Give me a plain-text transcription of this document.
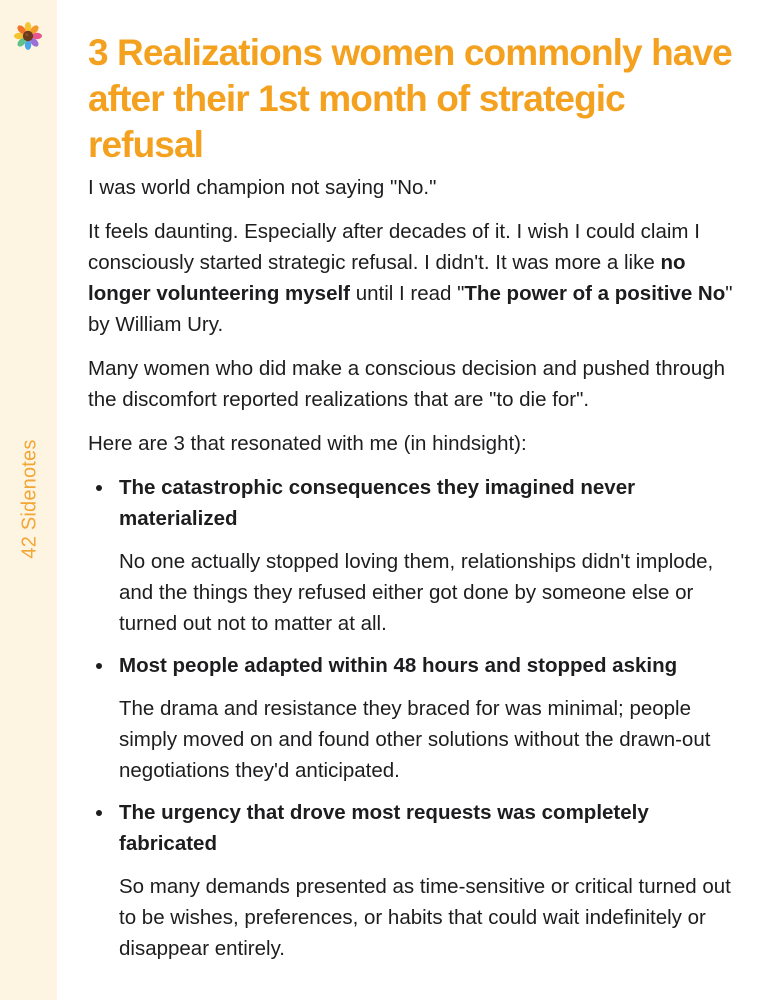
42 Sidenotes
3 Realizations women commonly have after their 1st month of strategic refusal

I was world champion not saying "No."

It feels daunting. Especially after decades of it. I wish I could claim I consciously started strategic refusal. I didn't. It was more a like no longer volunteering myself until I read "The power of a positive No" by William Ury.

Many women who did make a conscious decision and pushed through the discomfort reported realizations that are "to die for".

Here are 3 that resonated with me (in hindsight):

The catastrophic consequences they imagined never materialized

No one actually stopped loving them, relationships didn't implode, and the things they refused either got done by someone else or turned out not to matter at all.

Most people adapted within 48 hours and stopped asking

The drama and resistance they braced for was minimal; people simply moved on and found other solutions without the drawn-out negotiations they'd anticipated.

The urgency that drove most requests was completely fabricated

So many demands presented as time-sensitive or critical turned out to be wishes, preferences, or habits that could wait indefinitely or disappear entirely.
